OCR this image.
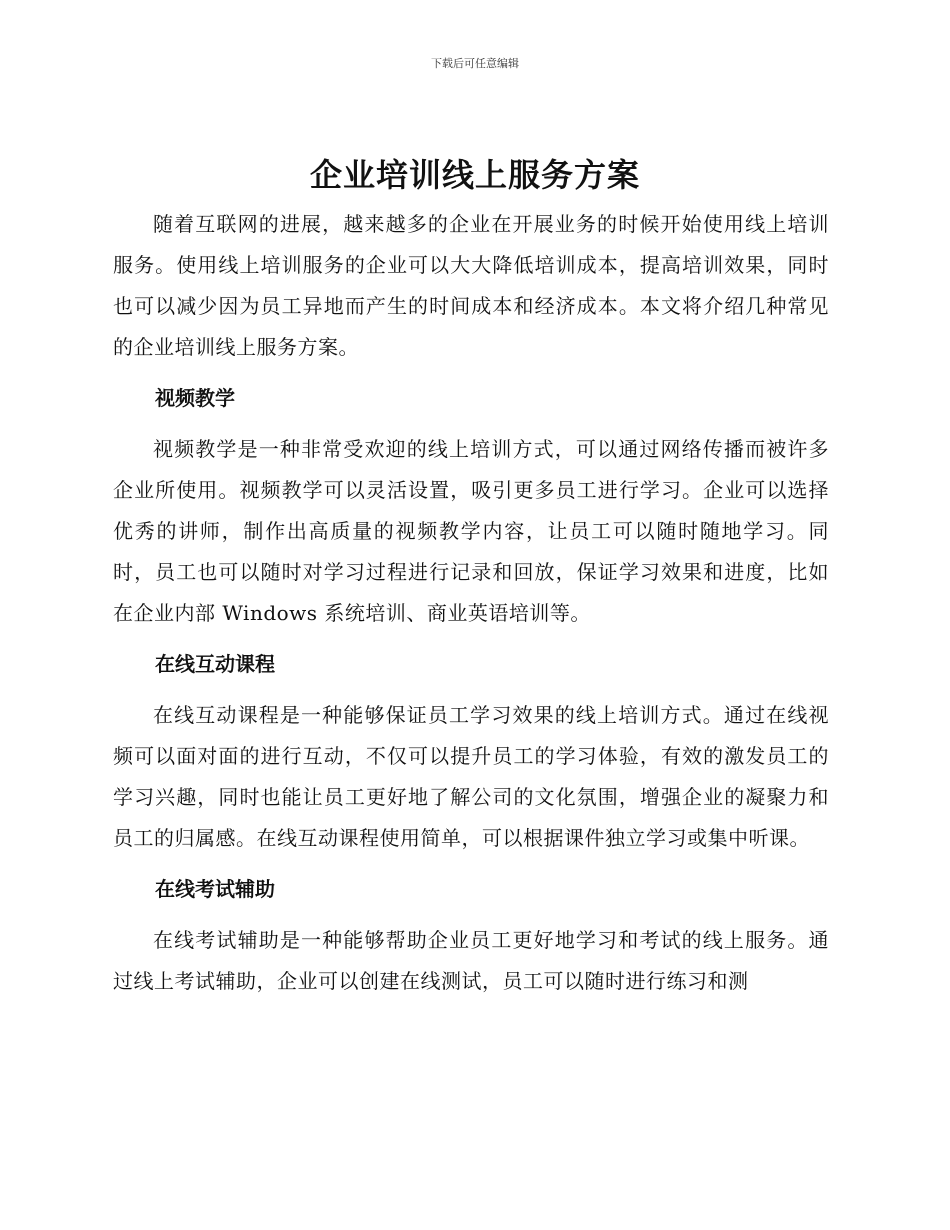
下载后可任意编辑
企业培训线上服务方案

随着互联网的进展，越来越多的企业在开展业务的时候开始使用线上培训服务。使用线上培训服务的企业可以大大降低培训成本，提高培训效果，同时也可以减少因为员工异地而产生的时间成本和经济成本。本文将介绍几种常见的企业培训线上服务方案。

视频教学

视频教学是一种非常受欢迎的线上培训方式，可以通过网络传播而被许多企业所使用。视频教学可以灵活设置，吸引更多员工进行学习。企业可以选择优秀的讲师，制作出高质量的视频教学内容，让员工可以随时随地学习。同时，员工也可以随时对学习过程进行记录和回放，保证学习效果和进度，比如在企业内部 Windows 系统培训、商业英语培训等。

在线互动课程

在线互动课程是一种能够保证员工学习效果的线上培训方式。通过在线视频可以面对面的进行互动，不仅可以提升员工的学习体验，有效的激发员工的学习兴趣，同时也能让员工更好地了解公司的文化氛围，增强企业的凝聚力和员工的归属感。在线互动课程使用简单，可以根据课件独立学习或集中听课。

在线考试辅助

在线考试辅助是一种能够帮助企业员工更好地学习和考试的线上服务。通过线上考试辅助，企业可以创建在线测试，员工可以随时进行练习和测
